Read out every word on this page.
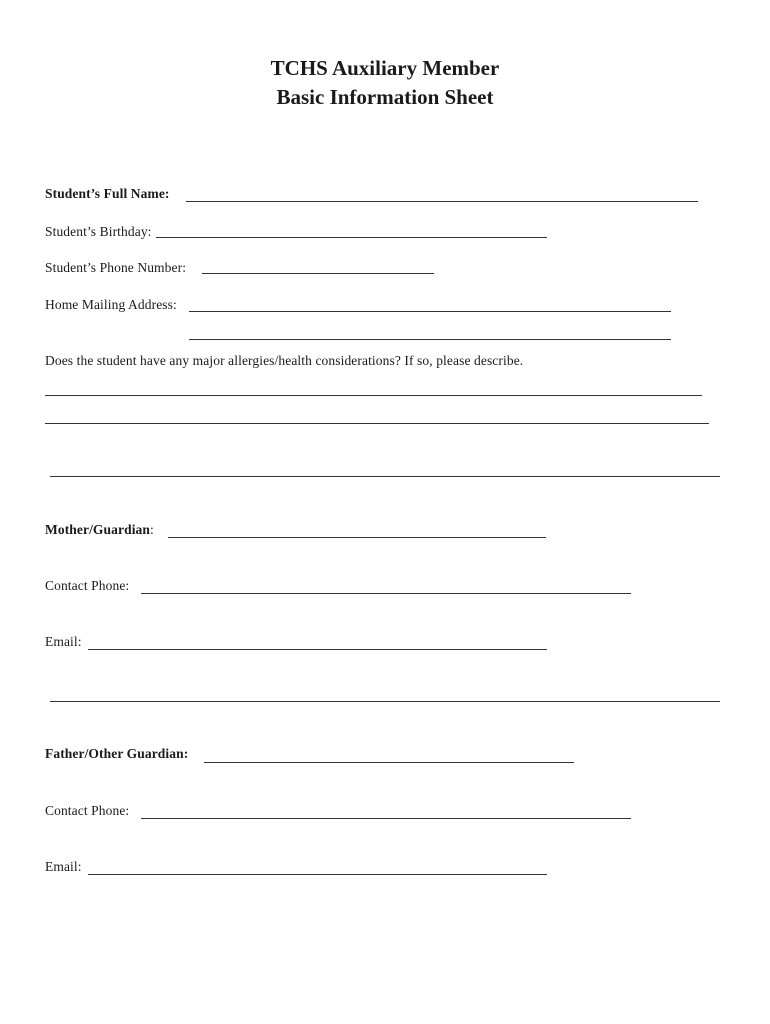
TCHS Auxiliary Member
Basic Information Sheet
Student’s Full Name:
Student’s Birthday:
Student’s Phone Number:
Home Mailing Address:
Does the student have any major allergies/health considerations? If so, please describe.
Mother/Guardian:
Contact Phone:
Email:
Father/Other Guardian:
Contact Phone:
Email:
